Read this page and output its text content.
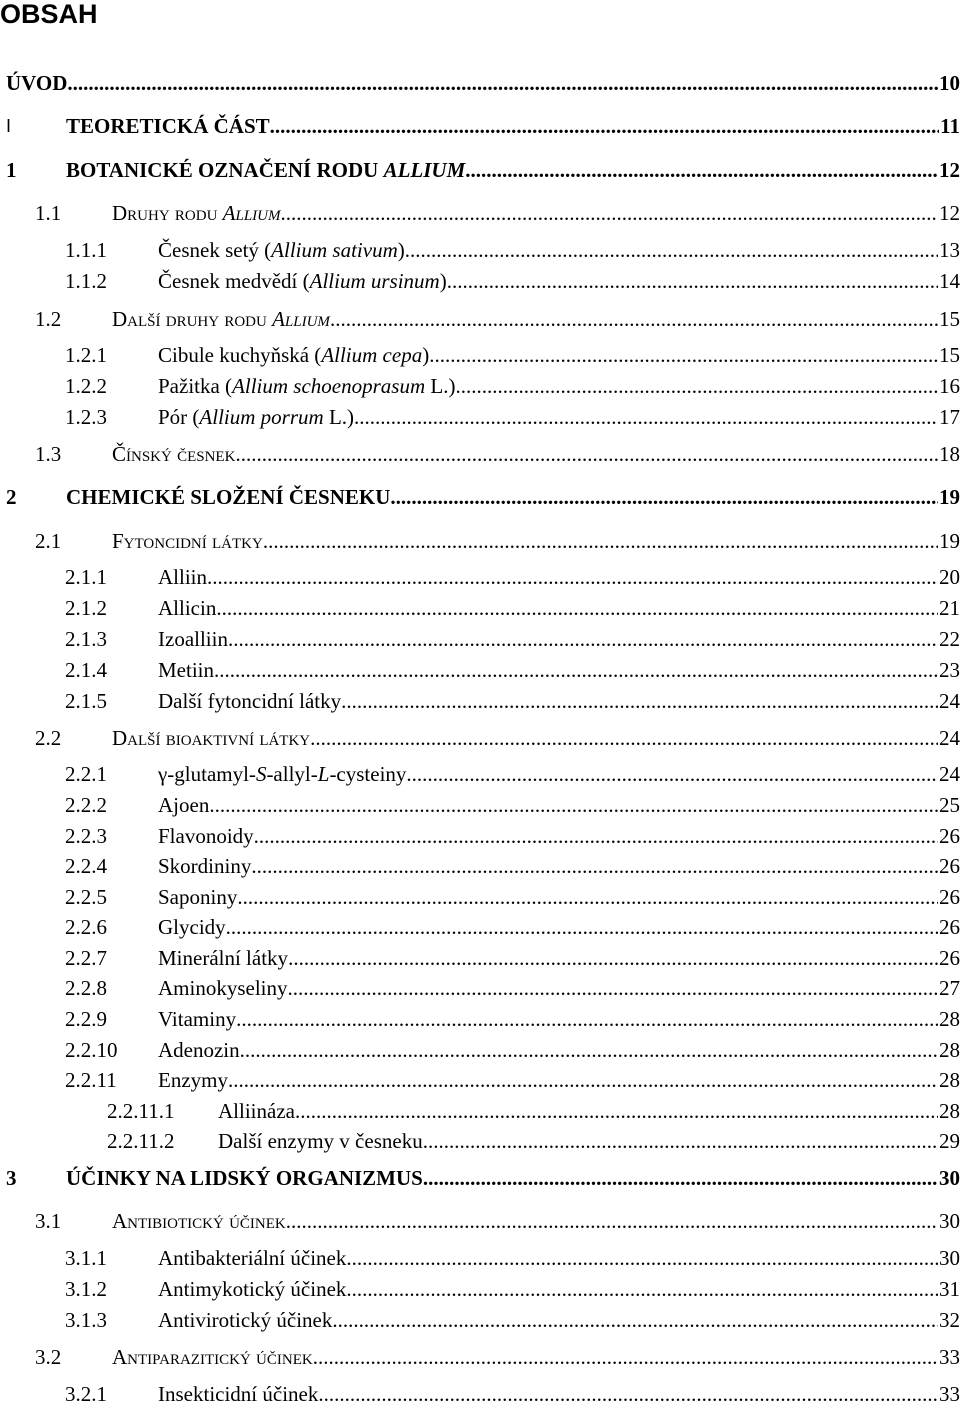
OBSAH
ÚVOD .....	10
I	TEORETICKÁ ČÁST .....	11
1 BOTANICKÉ OZNAČENÍ RODU ALLIUM .....	12
1.1 Druhy rodu Allium .....	12
1.1.1 Česnek setý (Allium sativum) .....	13
1.1.2 Česnek medvědí (Allium ursinum) .....	14
1.2 Další druhy rodu Allium .....	15
1.2.1 Cibule kuchyňská (Allium cepa) .....	15
1.2.2 Pažitka (Allium schoenoprasum L.) .....	16
1.2.3 Pór (Allium porrum L.) .....	17
1.3 Čínský česnek .....	18
2 CHEMICKÉ SLOŽENÍ ČESNEKU .....	19
2.1 Fytoncidní látky .....	19
2.1.1 Alliin .....	20
2.1.2 Allicin .....	21
2.1.3 Izoalliin .....	22
2.1.4 Metiin .....	23
2.1.5 Další fytoncidní látky .....	24
2.2 Další bioaktivní látky .....	24
2.2.1 γ-glutamyl-S-allyl-L-cysteiny .....	24
2.2.2 Ajoen .....	25
2.2.3 Flavonoidy .....	26
2.2.4 Skordininy .....	26
2.2.5 Saponiny .....	26
2.2.6 Glycidy .....	26
2.2.7 Minerální látky .....	26
2.2.8 Aminokyseliny .....	27
2.2.9 Vitaminy .....	28
2.2.10 Adenozin .....	28
2.2.11 Enzymy .....	28
2.2.11.1 Alliináza .....	28
2.2.11.2 Další enzymy v česneku .....	29
3 ÚČINKY NA LIDSKÝ ORGANIZMUS .....	30
3.1 Antibiotický účinek .....	30
3.1.1 Antibakteriální účinek .....	30
3.1.2 Antimykotický účinek .....	31
3.1.3 Antivirotický účinek .....	32
3.2 Antiparazitický účinek .....	33
3.2.1 Insekticidní účinek .....	33
